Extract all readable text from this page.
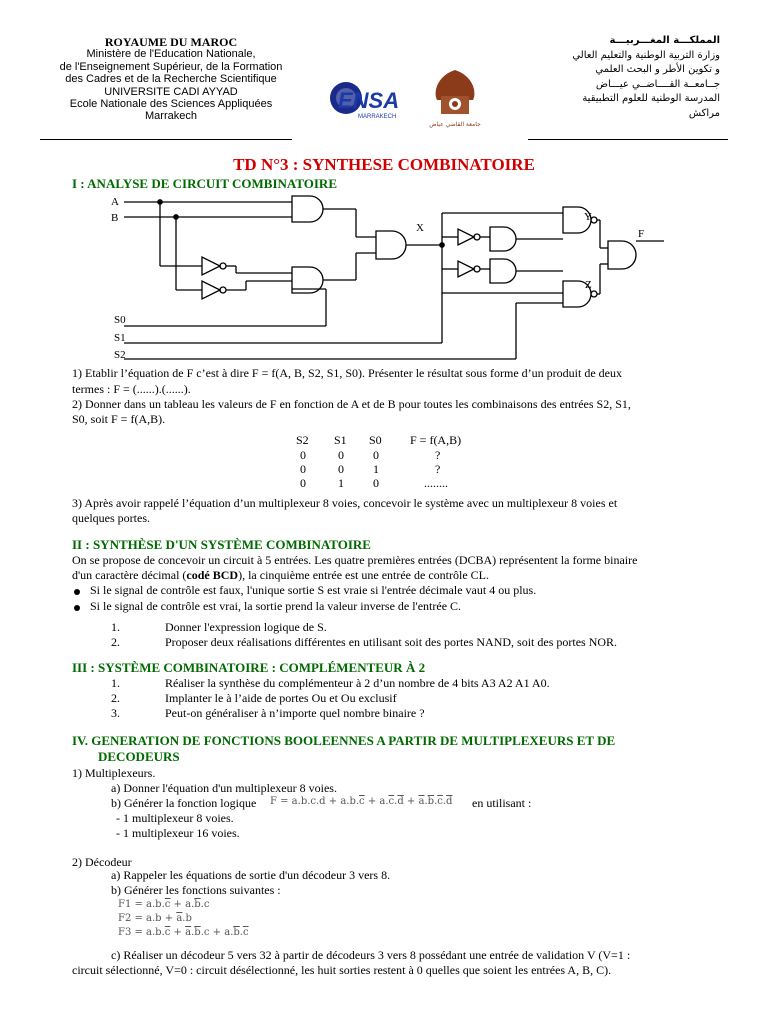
ROYAUME DU MAROC
Ministère de l'Education Nationale,
de l'Enseignement Supérieur, de la Formation
des Cadres et de la Recherche Scientifique
UNIVERSITE CADI AYYAD
Ecole Nationale des Sciences Appliquées
Marrakech
المملكـــة المغـــربيـــة
وزارة التربية الوطنية والتعليم العالي
و تكوين الأطر و البحث العلمي
جــامعــة القــــاضــي عيـــاض
المدرسة الوطنية للعلوم التطبيقية
مراكش
ENSA
MARRAKECH
جامعة القاضي عياض
TD N°3 : SYNTHESE COMBINATOIRE
I : ANALYSE DE CIRCUIT COMBINATOIRE
A
B
S0
S1
S2
X
Y
Z
F
1) Etablir l’équation de F c’est à dire F = f(A, B, S2, S1, S0). Présenter le résultat sous forme d’un produit de deux
termes : F = (......).(......).
2) Donner dans un tableau les valeurs de F en fonction de A et de B pour toutes les combinaisons des entrées S2, S1,
S0, soit F = f(A,B).
S2 S1 S0 F = f(A,B)
0	0 0	?
0	0 1	?
0	1 0	........
3) Après avoir rappelé l’équation d’un multiplexeur 8 voies, concevoir le système avec un multiplexeur 8 voies et
quelques portes.
II : SYNTHÈSE D'UN SYSTÈME COMBINATOIRE
On se propose de concevoir un circuit à 5 entrées. Les quatre premières entrées (DCBA) représentent la forme binaire
d'un caractère décimal (codé BCD), la cinquième entrée est une entrée de contrôle CL.
Si le signal de contrôle est faux, l'unique sortie S est vraie si l'entrée décimale vaut 4 ou plus.
Si le signal de contrôle est vrai, la sortie prend la valeur inverse de l'entrée C.
1.	Donner l'expression logique de S.
2.	Proposer deux réalisations différentes en utilisant soit des portes NAND, soit des portes NOR.
III : SYSTÈME COMBINATOIRE : COMPLÉMENTEUR À 2
1.	Réaliser la synthèse du complémenteur à 2 d’un nombre de 4 bits A3 A2 A1 A0.
2.	Implanter le à l’aide de portes Ou et Ou exclusif
3.	Peut-on généraliser à n’importe quel nombre binaire ?
IV. GENERATION DE FONCTIONS BOOLEENNES A PARTIR DE MULTIPLEXEURS ET DE
DECODEURS
1) Multiplexeurs.
a) Donner l'équation d'un multiplexeur 8 voies.
b) Générer la fonction logique $F = a.b.c.d + a.b.\overline{c} + a.\overline{c}.\overline{d} + \overline{a}.\overline{b}.\overline{c}.\overline{d}$ en utilisant :
- 1 multiplexeur 8 voies.
- 1 multiplexeur 16 voies.
2) Décodeur
a) Rappeler les équations de sortie d'un décodeur 3 vers 8.
b) Générer les fonctions suivantes :
$F1 = a.b.\overline{c} + a.\overline{b}.c$
$F2 = a.b + \overline{a}.b$
$F3 = a.b.\overline{c} + \overline{a}.\overline{b}.c + a.\overline{b}.\overline{c}$
c) Réaliser un décodeur 5 vers 32 à partir de décodeurs 3 vers 8 possédant une entrée de validation V (V=1 :
circuit sélectionné, V=0 : circuit désélectionné, les huit sorties restent à 0 quelles que soient les entrées A, B, C).
